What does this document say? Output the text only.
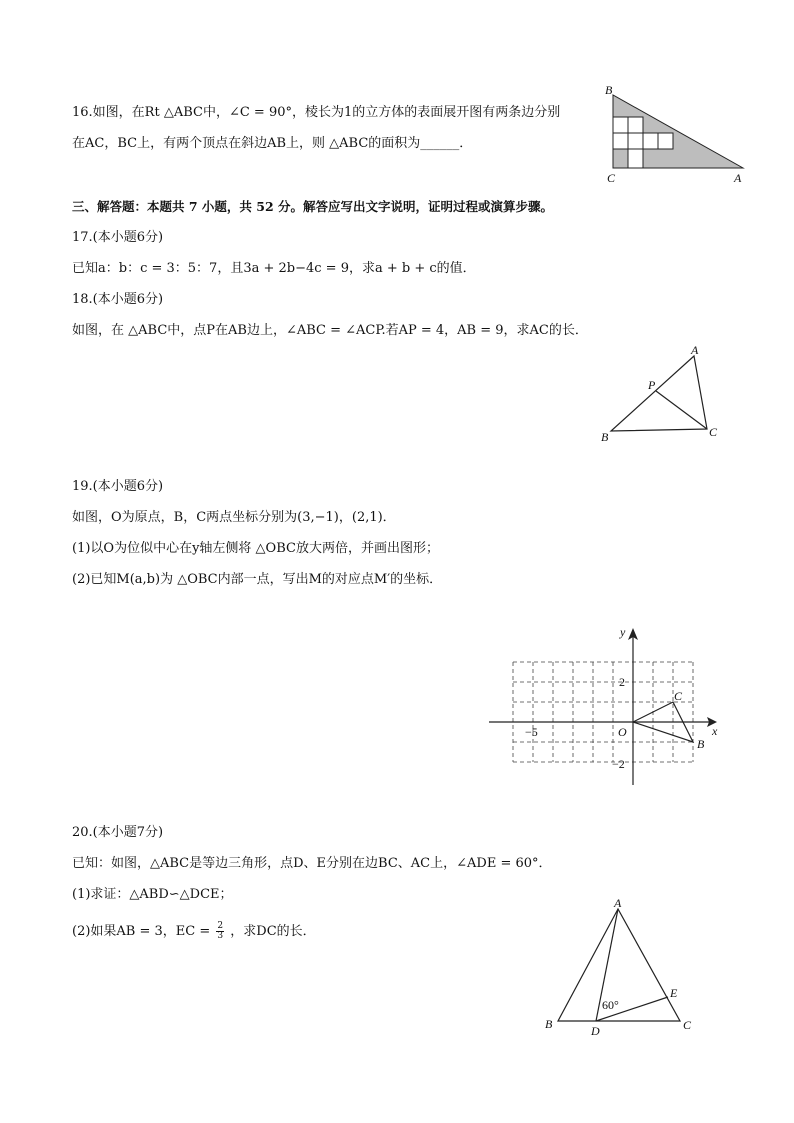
16.如图，在Rt △ABC中，∠C = 90°，棱长为1的立方体的表面展开图有两条边分别
在AC，BC上，有两个顶点在斜边AB上，则 △ABC的面积为______．
B
C	A
三、解答题：本题共 7 小题，共 52 分。解答应写出文字说明，证明过程或演算步骤。
17.(本小题6分)
已知a：b：c = 3：5：7，且3a + 2b−4c = 9，求a + b + c的值．
18.(本小题6分)
如图，在 △ABC中，点P在AB边上，∠ABC = ∠ACP.若AP = 4，AB = 9，求AC的长．
A
P
B	C
19.(本小题6分)
如图，O为原点，B，C两点坐标分别为(3,−1)，(2,1)．
(1)以O为位似中心在y轴左侧将 △OBC放大两倍，并画出图形；
(2)已知M(a,b)为 △OBC内部一点，写出M的对应点M′的坐标．
y
x
O
C
B
2
−2
−5
20.(本小题7分)
已知：如图，△ABC是等边三角形，点D、E分别在边BC、AC上，∠ADE = 60°．
(1)求证：△ABD∽△DCE；
(2)如果AB = 3，EC = $\frac{2}{3}$ ，求DC的长．
A
B	C
D
E
60°
